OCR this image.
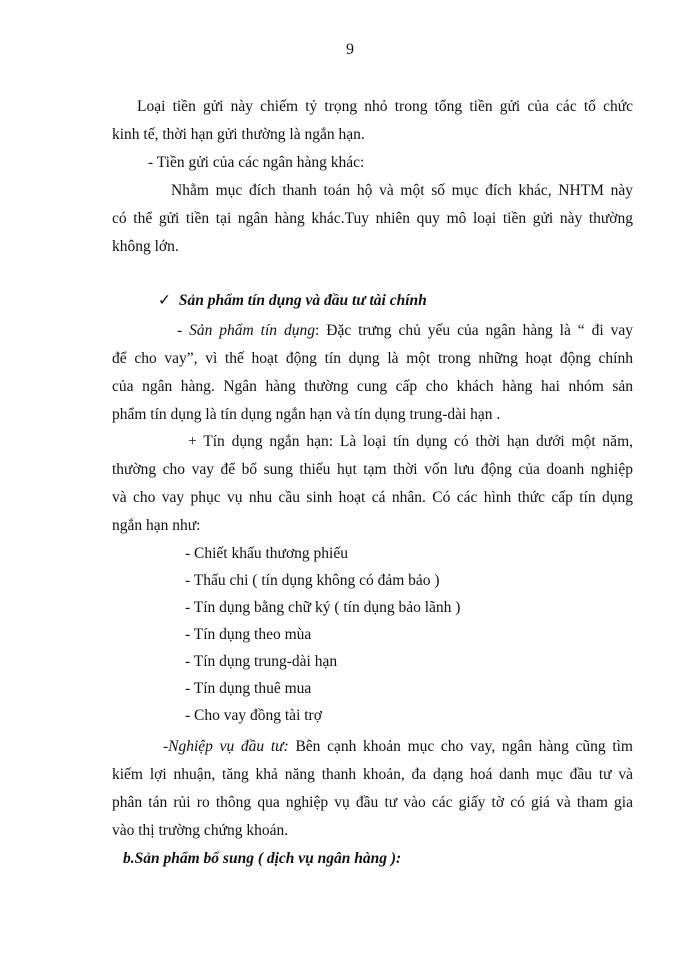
9
Loại tiền gửi này chiếm tỷ trọng nhỏ trong tổng tiền gửi của các tổ chức
kinh tế, thời hạn gửi thường là ngắn hạn.
- Tiền gửi của các ngân hàng khác:
Nhằm mục đích thanh toán hộ và một số mục đích khác, NHTM này
có thể gửi tiền tại ngân hàng khác.Tuy nhiên quy mô loại tiền gửi này thường
không lớn.
✓ Sản phẩm tín dụng và đầu tư tài chính
- Sản phẩm tín dụng: Đặc trưng chủ yếu của ngân hàng là “ đi vay
để cho vay”, vì thế hoạt động tín dụng là một trong những hoạt động chính
của ngân hàng. Ngân hàng thường cung cấp cho khách hàng hai nhóm sản
phẩm tín dụng là tín dụng ngắn hạn và tín dụng trung-dài hạn .
+ Tín dụng ngắn hạn: Là loại tín dụng có thời hạn dưới một năm,
thường cho vay để bổ sung thiếu hụt tạm thời vốn lưu động của doanh nghiệp
và cho vay phục vụ nhu cầu sinh hoạt cá nhân. Có các hình thức cấp tín dụng
ngắn hạn như:
- Chiết khấu thương phiếu
- Thấu chi ( tín dụng không có đảm bảo )
- Tín dụng bằng chữ ký ( tín dụng bảo lãnh )
- Tín dụng theo mùa
- Tín dụng trung-dài hạn
- Tín dụng thuê mua
- Cho vay đồng tài trợ
-Nghiệp vụ đầu tư: Bên cạnh khoản mục cho vay, ngân hàng cũng tìm
kiếm lợi nhuận, tăng khả năng thanh khoản, đa dạng hoá danh mục đầu tư và
phân tán rủi ro thông qua nghiệp vụ đầu tư vào các giấy tờ có giá và tham gia
vào thị trường chứng khoán.
b.Sản phẩm bổ sung ( dịch vụ ngân hàng ):
